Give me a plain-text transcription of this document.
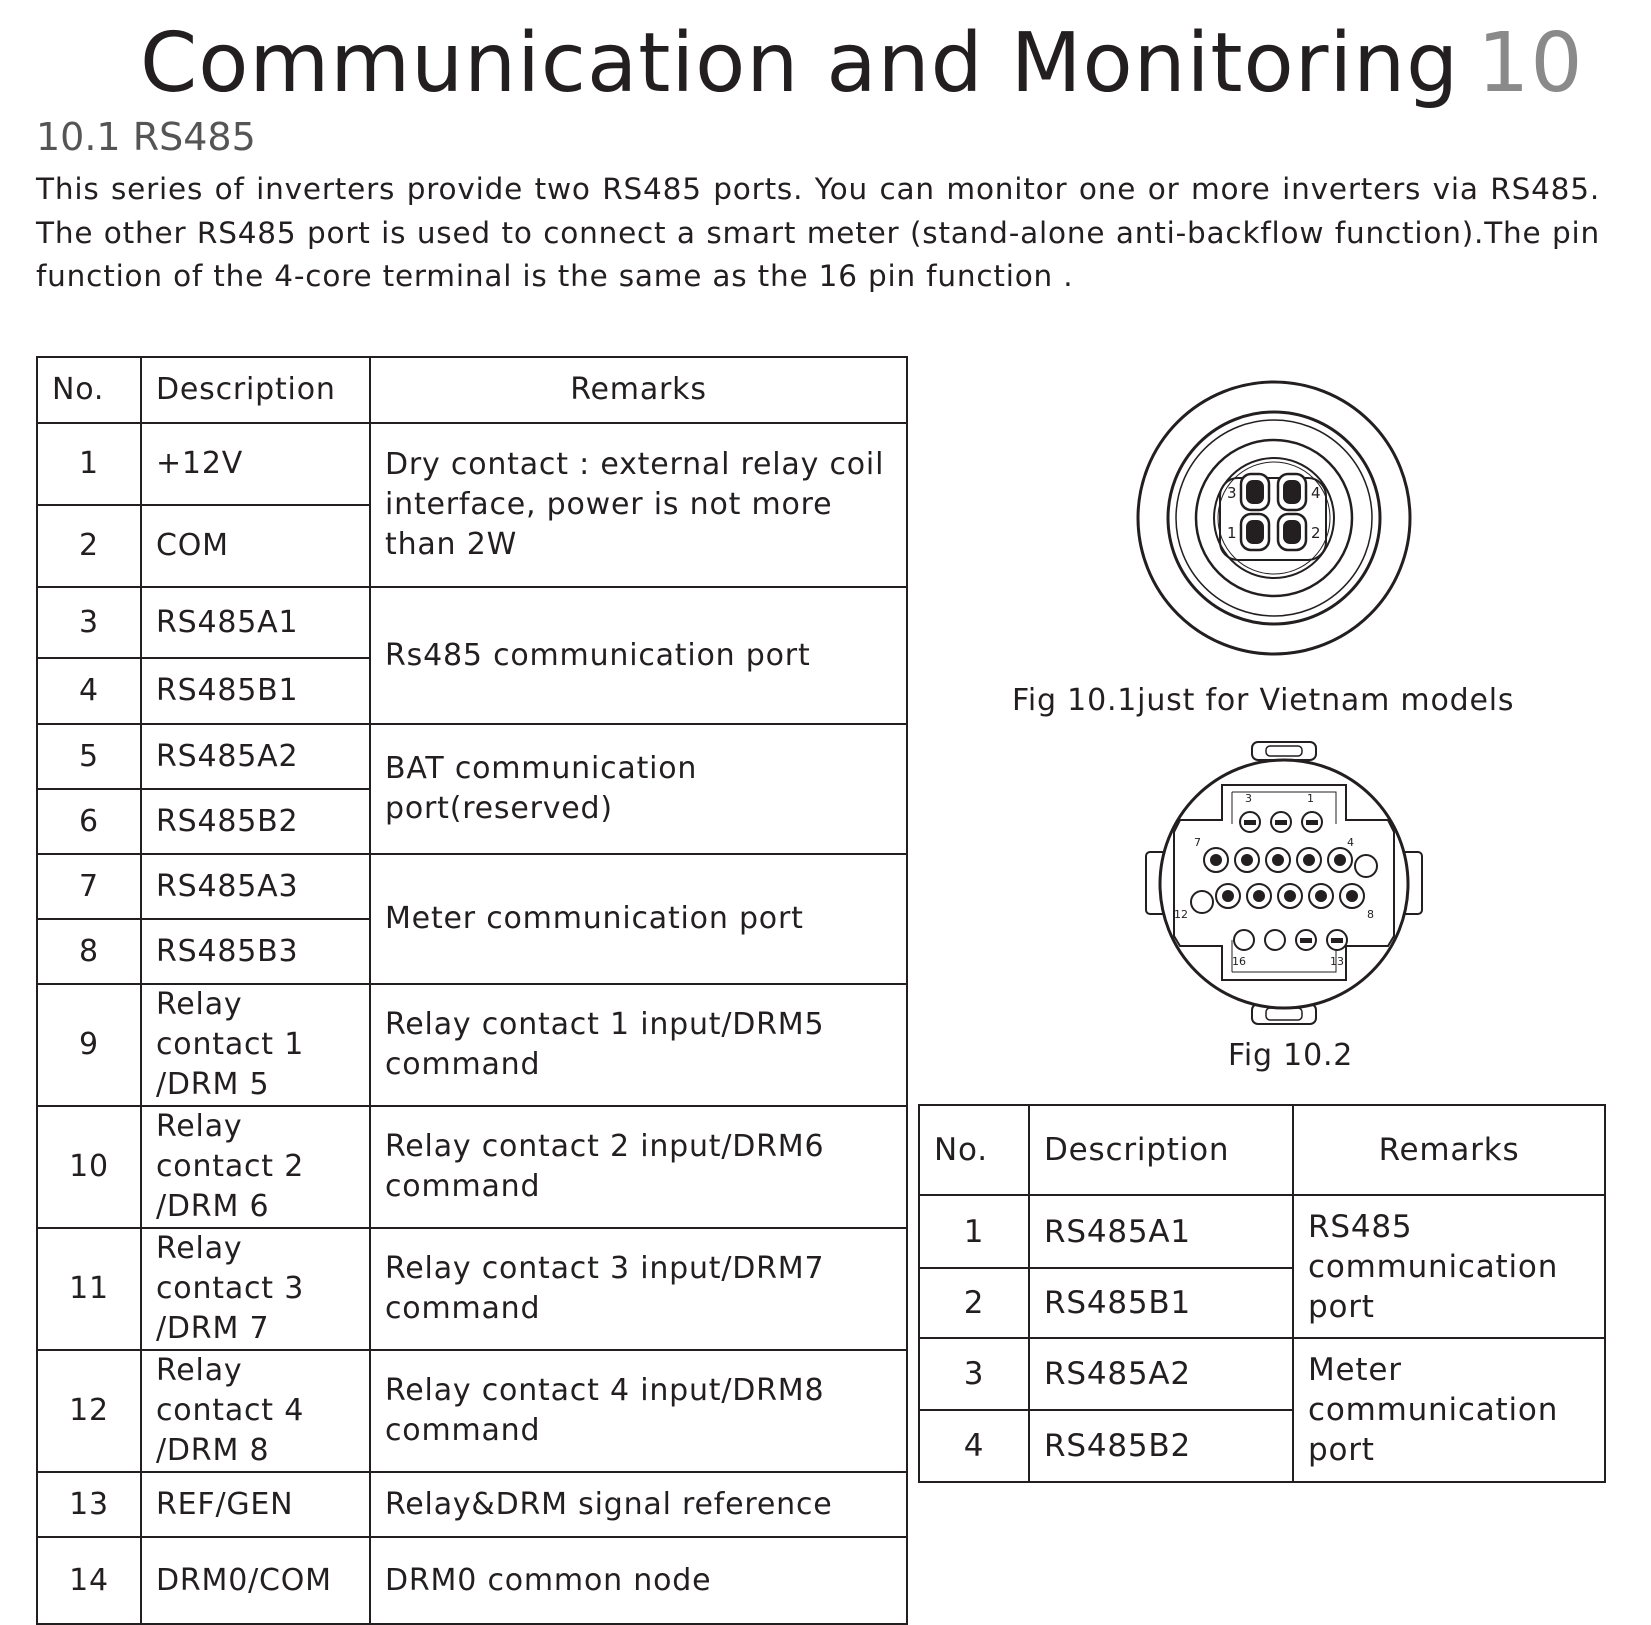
Communication and Monitoring 10
10.1 RS485

This series of inverters provide two RS485 ports. You can monitor one or more inverters via RS485. The other RS485 port is used to connect a smart meter (stand-alone anti-backflow function).The pin function of the 4-core terminal is the same as the 16 pin function .

No.	Description	Remarks
1	+12V	Dry contact : external relay coil interface, power is not more than 2W
2	COM	
3	RS485A1	Rs485 communication port
4	RS485B1	
5	RS485A2	BAT communication port(reserved)
6	RS485B2	
7	RS485A3	Meter communication port
8	RS485B3	
9	Relay contact 1 /DRM 5	Relay contact 1 input/DRM5 command
10	Relay contact 2 /DRM 6	Relay contact 2 input/DRM6 command
11	Relay contact 3 /DRM 7	Relay contact 3 input/DRM7 command
12	Relay contact 4 /DRM 8	Relay contact 4 input/DRM8 command
13	REF/GEN	Relay&DRM signal reference
14	DRM0/COM	DRM0 common node
3	4
1	2
Fig 10.1just for Vietnam models
3	1
7	4
12	8
16	13
Fig 10.2
No.	Description	Remarks
1	RS485A1	RS485 communication port
2	RS485B1	
3	RS485A2	Meter communication port
4	RS485B2	
